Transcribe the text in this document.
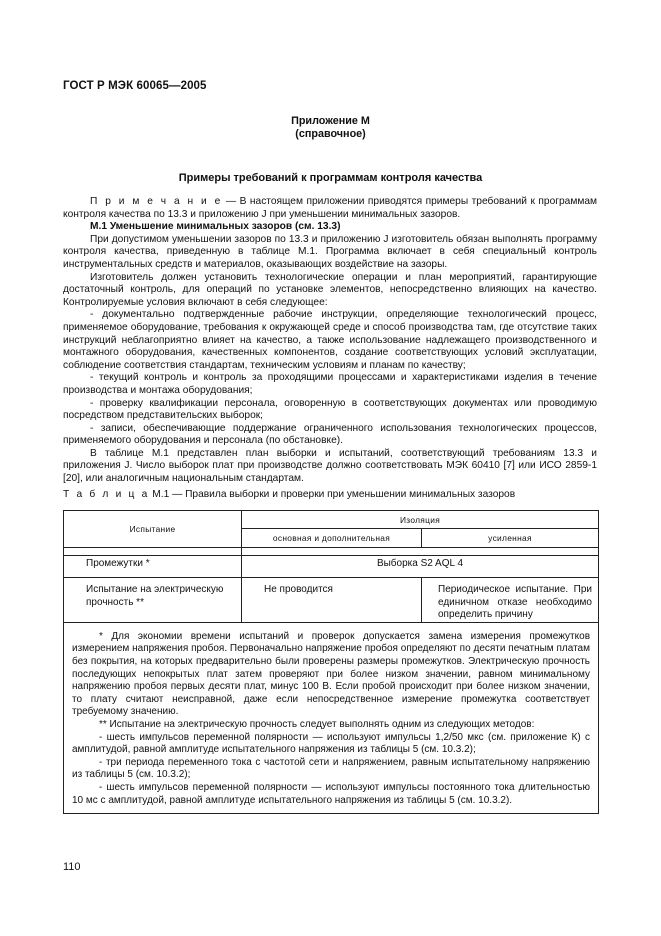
ГОСТ Р МЭК 60065—2005
Приложение М
(справочное)
Примеры требований к программам контроля качества

П р и м е ч а н и е — В настоящем приложении приводятся примеры требований к программам контроля качества по 13.3 и приложению J при уменьшении минимальных зазоров.

М.1 Уменьшение минимальных зазоров (см. 13.3)

При допустимом уменьшении зазоров по 13.3 и приложению J изготовитель обязан выполнять программу контроля качества, приведенную в таблице М.1. Программа включает в себя специальный контроль инструментальных средств и материалов, оказывающих воздействие на зазоры.

Изготовитель должен установить технологические операции и план мероприятий, гарантирующие достаточный контроль, для операций по установке элементов, непосредственно влияющих на качество. Контролируемые условия включают в себя следующее:

- документально подтвержденные рабочие инструкции, определяющие технологический процесс, применяемое оборудование, требования к окружающей среде и способ производства там, где отсутствие таких инструкций неблагоприятно влияет на качество, а также использование надлежащего производственного и монтажного оборудования, качественных компонентов, создание соответствующих условий эксплуатации, соблюдение соответствия стандартам, техническим условиям и планам по качеству;

- текущий контроль и контроль за проходящими процессами и характеристиками изделия в течение производства и монтажа оборудования;

- проверку квалификации персонала, оговоренную в соответствующих документах или проводимую посредством представительских выборок;

- записи, обеспечивающие поддержание ограниченного использования технологических процессов, применяемого оборудования и персонала (по обстановке).

В таблице М.1 представлен план выборки и испытаний, соответствующий требованиям 13.3 и приложения J. Число выборок плат при производстве должно соответствовать МЭК 60410 [7] или ИСО 2859-1 [20], или аналогичным национальным стандартам.

Т а б л и ц а М.1 — Правила выборки и проверки при уменьшении минимальных зазоров
Испытание	Изоляция	
	основная и дополнительная	усиленная

Промежутки *	Выборка S2 AQL 4	
Испытание на электрическую прочность **	Не проводится	Периодическое испытание. При единичном отказе необходимо определить причину

* Для экономии времени испытаний и проверок допускается замена измерения промежутков измерением напряжения пробоя. Первоначально напряжение пробоя определяют по десяти печатным платам без покрытия, на которых предварительно были проверены размеры промежутков. Электрическую прочность последующих непокрытых плат затем проверяют при более низком значении, равном минимальному напряжению пробоя первых десяти плат, минус 100 В. Если пробой происходит при более низком значении, то плату считают неисправной, даже если непосредственное измерение промежутка соответствует требуемому значению.

** Испытание на электрическую прочность следует выполнять одним из следующих методов:

- шесть импульсов переменной полярности — используют импульсы 1,2/50 мкс (см. приложение К) с амплитудой, равной амплитуде испытательного напряжения из таблицы 5 (см. 10.3.2);

- три периода переменного тока с частотой сети и напряжением, равным испытательному напряжению из таблицы 5 (см. 10.3.2);

- шесть импульсов переменной полярности — используют импульсы постоянного тока длительностью 10 мс с амплитудой, равной амплитуде испытательного напряжения из таблицы 5 (см. 10.3.2).		

110
